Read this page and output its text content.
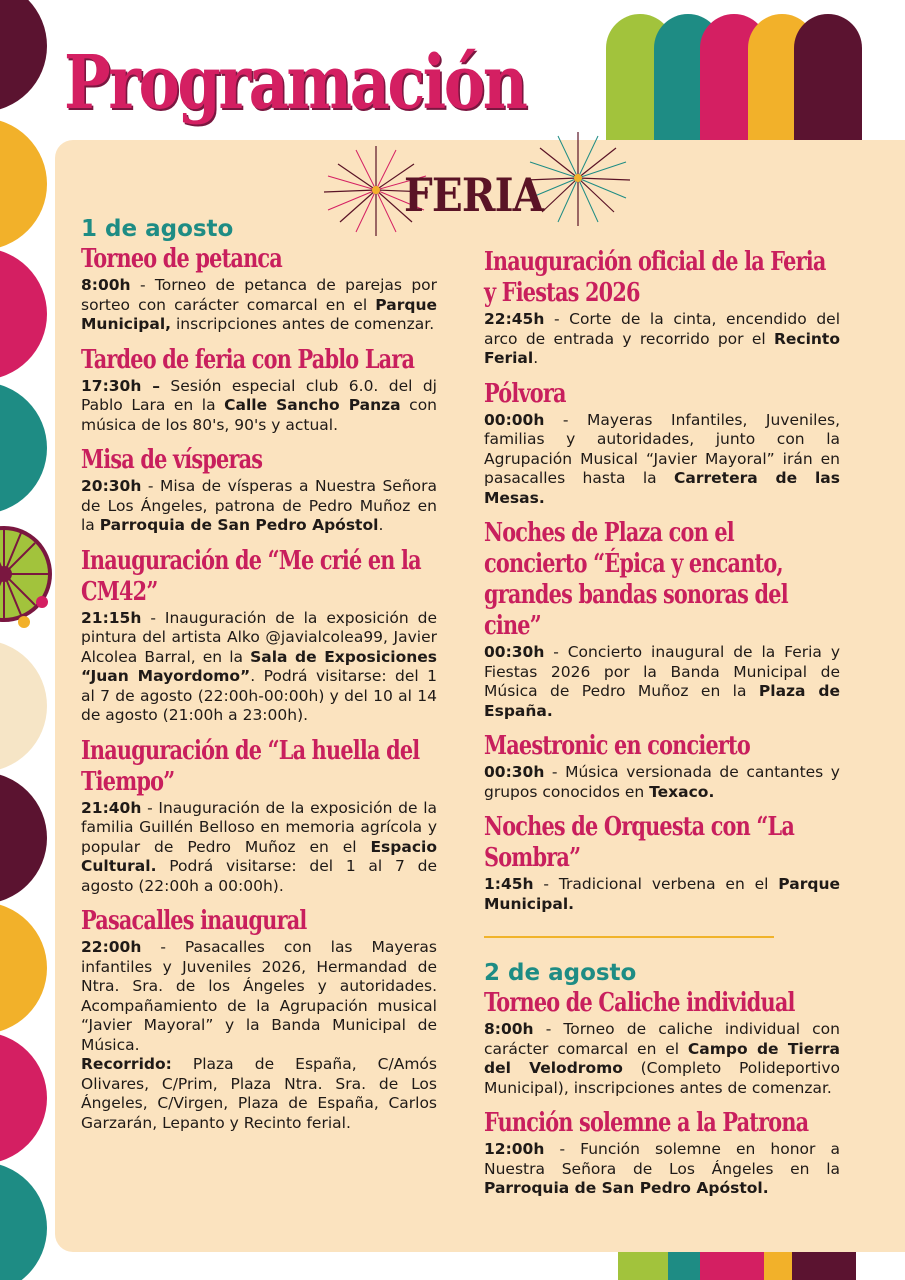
Programación
FERIA

1 de agosto

Torneo de petanca

8:00h - Torneo de petanca de parejas por sorteo con carácter comarcal en el Parque Municipal, inscripciones antes de comenzar.

Tardeo de feria con Pablo Lara

17:30h – Sesión especial club 6.0. del dj Pablo Lara en la Calle Sancho Panza con música de los 80's, 90's y actual.

Misa de vísperas

20:30h - Misa de vísperas a Nuestra Señora de Los Ángeles, patrona de Pedro Muñoz en la Parroquia de San Pedro Apóstol.

Inauguración de “Me crié en la CM42”

21:15h - Inauguración de la exposición de pintura del artista Alko @javialcolea99, Javier Alcolea Barral, en la Sala de Exposiciones “Juan Mayordomo”. Podrá visitarse: del 1 al 7 de agosto (22:00h-00:00h) y del 10 al 14 de agosto (21:00h a 23:00h).

Inauguración de “La huella del Tiempo”

21:40h - Inauguración de la exposición de la familia Guillén Belloso en memoria agrícola y popular de Pedro Muñoz en el Espacio Cultural. Podrá visitarse: del 1 al 7 de agosto (22:00h a 00:00h).

Pasacalles inaugural

22:00h - Pasacalles con las Mayeras infantiles y Juveniles 2026, Hermandad de Ntra. Sra. de los Ángeles y autoridades. Acompañamiento de la Agrupación musical “Javier Mayoral” y la Banda Municipal de Música.
Recorrido: Plaza de España, C/Amós Olivares, C/Prim, Plaza Ntra. Sra. de Los Ángeles, C/Virgen, Plaza de España, Carlos Garzarán, Lepanto y Recinto ferial.

Inauguración oficial de la Feria y Fiestas 2026

22:45h - Corte de la cinta, encendido del arco de entrada y recorrido por el Recinto Ferial.

Pólvora

00:00h - Mayeras Infantiles, Juveniles, familias y autoridades, junto con la Agrupación Musical “Javier Mayoral” irán en pasacalles hasta la Carretera de las Mesas.

Noches de Plaza con el concierto “Épica y encanto, grandes bandas sonoras del cine”

00:30h - Concierto inaugural de la Feria y Fiestas 2026 por la Banda Municipal de Música de Pedro Muñoz en la Plaza de España.

Maestronic en concierto

00:30h - Música versionada de cantantes y grupos conocidos en Texaco.

Noches de Orquesta con “La Sombra”

1:45h - Tradicional verbena en el Parque Municipal.

2 de agosto

Torneo de Caliche individual

8:00h - Torneo de caliche individual con carácter comarcal en el Campo de Tierra del Velodromo (Completo Polideportivo Municipal), inscripciones antes de comenzar.

Función solemne a la Patrona

12:00h - Función solemne en honor a Nuestra Señora de Los Ángeles en la Parroquia de San Pedro Apóstol.
